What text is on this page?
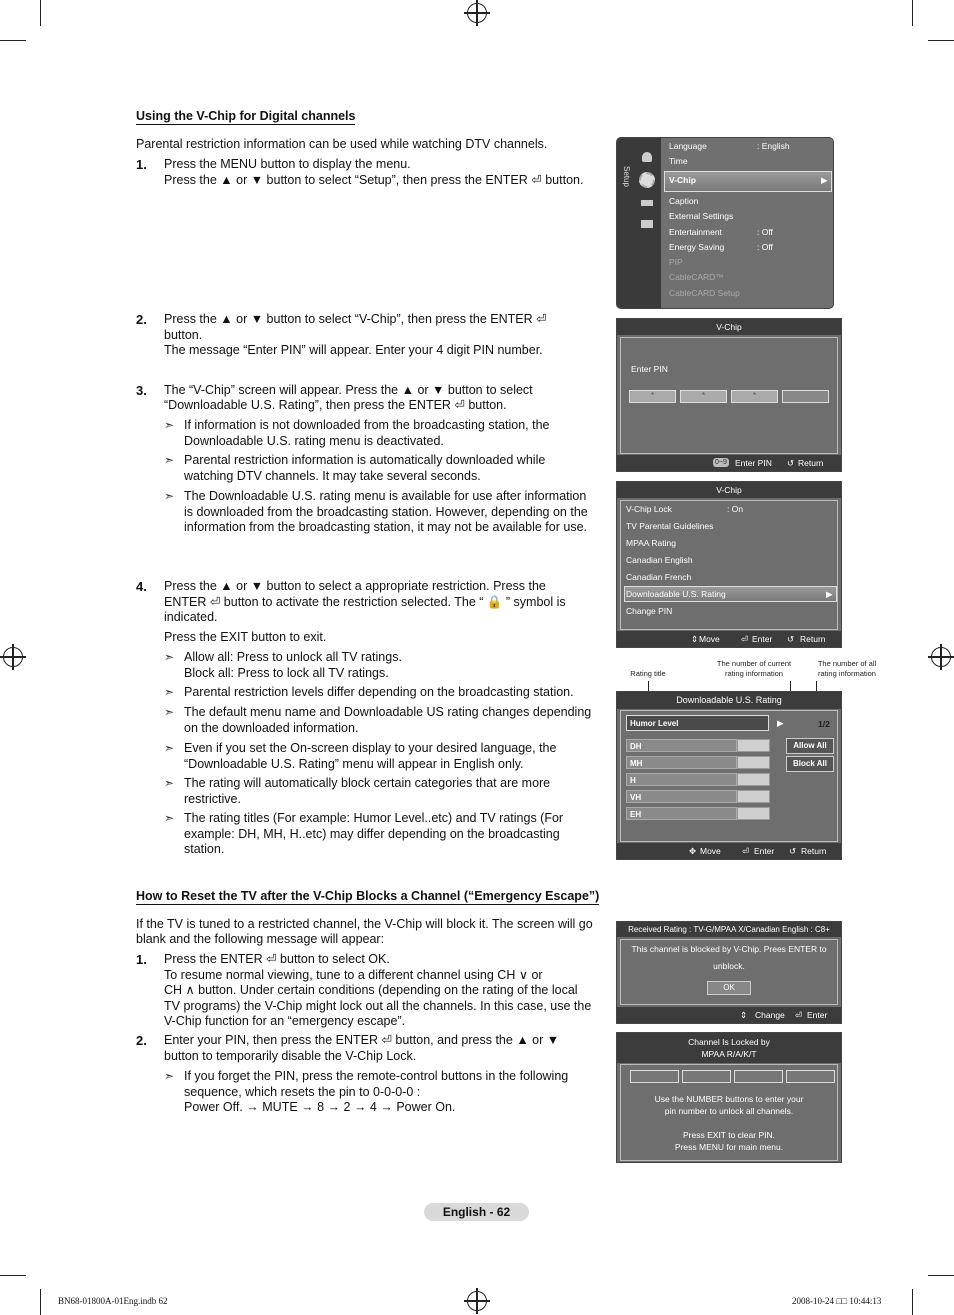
Using the V-Chip for Digital channels
Parental restriction information can be used while watching DTV channels.
1. Press the MENU button to display the menu.
Press the ▲ or ▼ button to select “Setup”, then press the ENTER ⏎ button.
2. Press the ▲ or ▼ button to select “V-Chip”, then press the ENTER ⏎
button.
The message “Enter PIN” will appear. Enter your 4 digit PIN number.
3. The “V-Chip” screen will appear. Press the ▲ or ▼ button to select
“Downloadable U.S. Rating”, then press the ENTER ⏎ button.
➣ If information is not downloaded from the broadcasting station, the
Downloadable U.S. rating menu is deactivated.
➣ Parental restriction information is automatically downloaded while
watching DTV channels. It may take several seconds.
➣ The Downloadable U.S. rating menu is available for use after information
is downloaded from the broadcasting station. However, depending on the
information from the broadcasting station, it may not be available for use.
4. Press the ▲ or ▼ button to select a appropriate restriction. Press the
ENTER ⏎ button to activate the restriction selected. The “ 🔒 ” symbol is
indicated.
Press the EXIT button to exit.
➣ Allow all: Press to unlock all TV ratings.
Block all: Press to lock all TV ratings.
➣ Parental restriction levels differ depending on the broadcasting station.
➣ The default menu name and Downloadable US rating changes depending
on the downloaded information.
➣ Even if you set the On-screen display to your desired language, the
“Downloadable U.S. Rating” menu will appear in English only.
➣ The rating will automatically block certain categories that are more
restrictive.
➣ The rating titles (For example: Humor Level..etc) and TV ratings (For
example: DH, MH, H..etc) may differ depending on the broadcasting
station.
How to Reset the TV after the V-Chip Blocks a Channel (“Emergency Escape”)
If the TV is tuned to a restricted channel, the V-Chip will block it. The screen will go
blank and the following message will appear:
1. Press the ENTER ⏎ button to select OK.
To resume normal viewing, tune to a different channel using CH ∨ or
CH ∧ button. Under certain conditions (depending on the rating of the local
TV programs) the V-Chip might lock out all the channels. In this case, use the
V-Chip function for an “emergency escape”.
2. Enter your PIN, then press the ENTER ⏎ button, and press the ▲ or ▼
button to temporarily disable the V-Chip Lock.
➣ If you forget the PIN, press the remote-control buttons in the following
sequence, which resets the pin to 0-0-0-0 :
Power Off. → MUTE → 8 → 2 → 4 → Power On.
Setup
Language	: English
Time
V-Chip	▶
Caption
External Settings
Entertainment	: Off
Energy Saving	: Off
PIP
CableCARD™
CableCARD Setup
V-Chip
Enter PIN
*	*	*
0~9 Enter PIN ↺ Return
V-Chip
V-Chip Lock	: On
TV Parental Guidelines
MPAA Rating
Canadian English
Canadian French
Downloadable U.S. Rating	▶
Change PIN
⇕ Move ⏎ Enter ↺ Return
Rating title
The number of current rating information
The number of all rating information
Downloadable U.S. Rating
Humor Level	▶	1/2
DH
MH
H
VH
EH
Allow All
Block All
✥ Move ⏎ Enter ↺ Return
Received Rating : TV-G/MPAA X/Canadian English : C8+
This channel is blocked by V-Chip. Prees ENTER to
unblock.
OK
⇕ Change ⏎ Enter
Channel Is Locked by
MPAA R/A/K/T
Use the NUMBER buttons to enter your
pin number to unlock all channels.
Press EXIT to clear PIN.
Press MENU for main menu.
English - 62
BN68-01800A-01Eng.indb 62	2008-10-24 □□ 10:44:13
